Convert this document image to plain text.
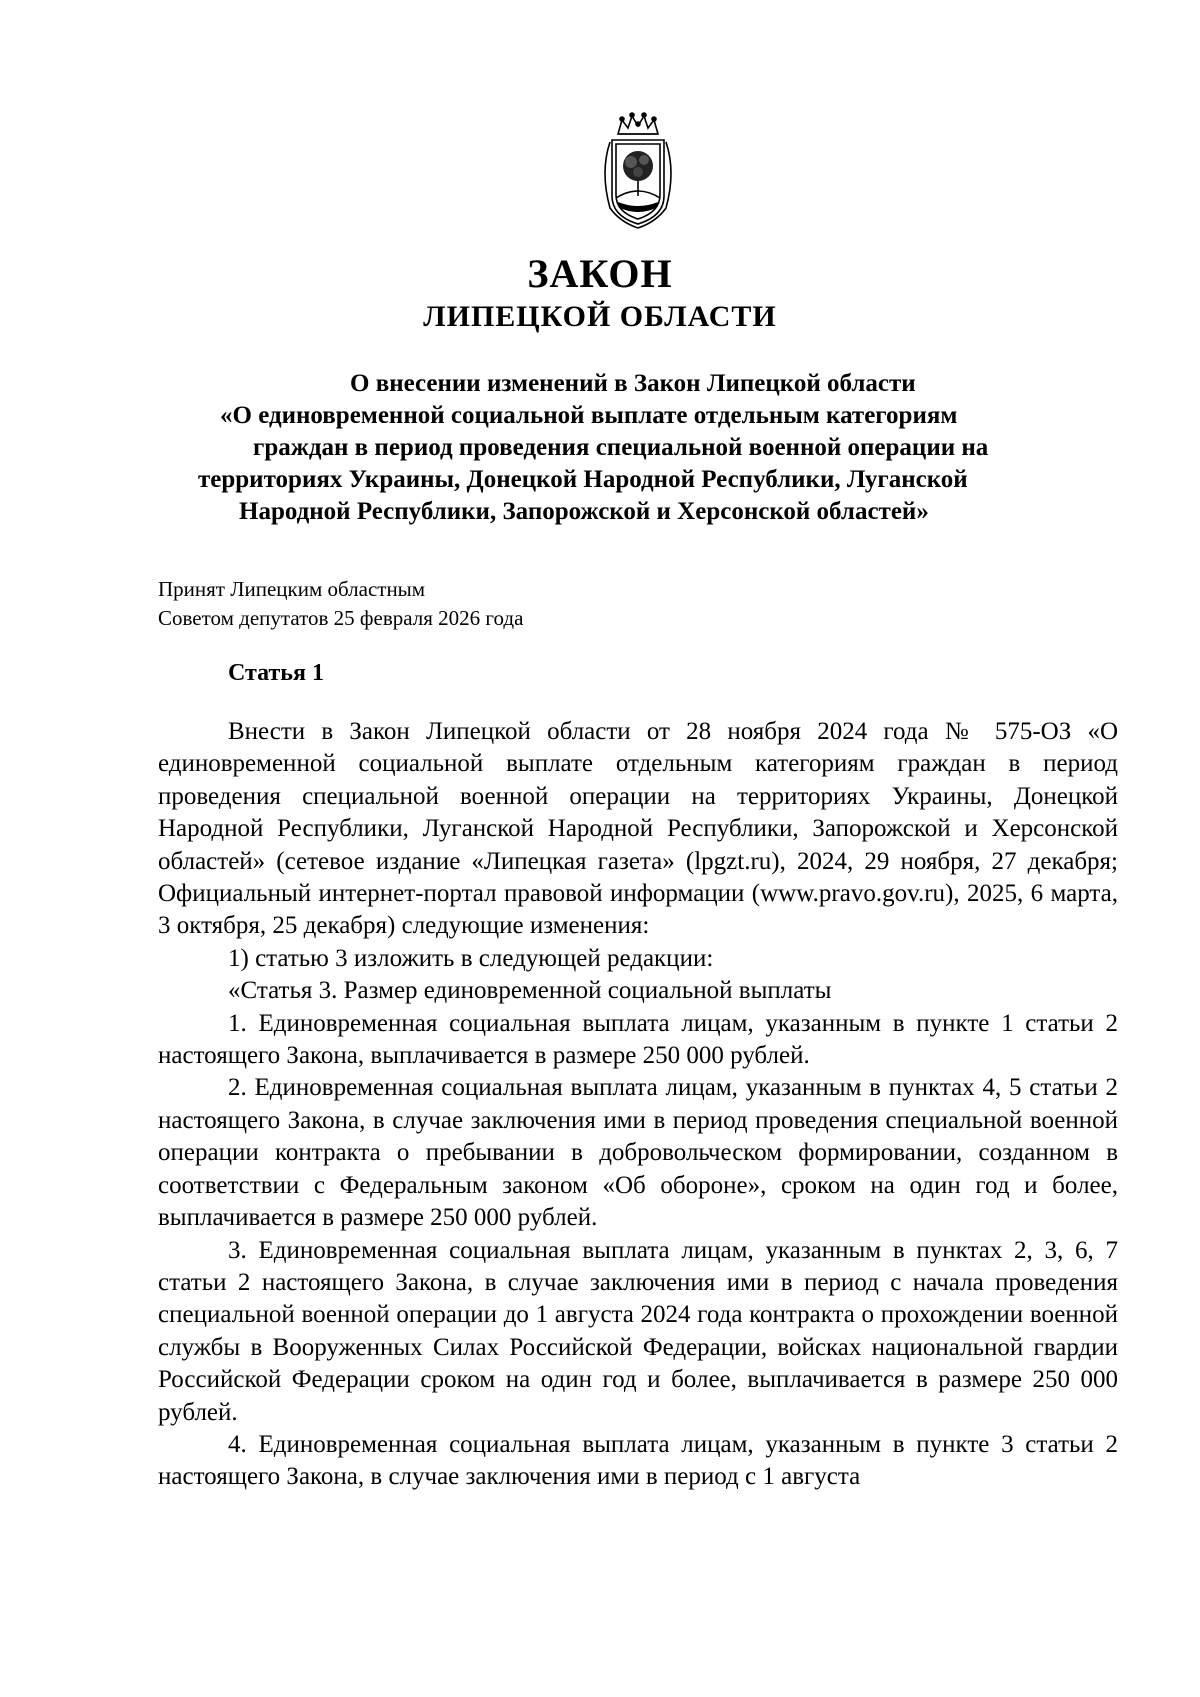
ЗАКОН
ЛИПЕЦКОЙ ОБЛАСТИ
О внесении изменений в Закон Липецкой области
«О единовременной социальной выплате отдельным категориям
граждан в период проведения специальной военной операции на
территориях Украины, Донецкой Народной Республики, Луганской
Народной Республики, Запорожской и Херсонской областей»
Принят Липецким областным
Советом депутатов 25 февраля 2026 года
Статья 1

Внести в Закон Липецкой области от 28 ноября 2024 года № 575-ОЗ «О единовременной социальной выплате отдельным категориям граждан в период проведения специальной военной операции на территориях Украины, Донецкой Народной Республики, Луганской Народной Республики, Запорожской и Херсонской областей» (сетевое издание «Липецкая газета» (lpgzt.ru), 2024, 29 ноября, 27 декабря; Официальный интернет-портал правовой информации (www.pravo.gov.ru), 2025, 6 марта, 3 октября, 25 декабря) следующие изменения:

1) статью 3 изложить в следующей редакции:

«Статья 3. Размер единовременной социальной выплаты

1. Единовременная социальная выплата лицам, указанным в пункте 1 статьи 2 настоящего Закона, выплачивается в размере 250 000 рублей.

2. Единовременная социальная выплата лицам, указанным в пунктах 4, 5 статьи 2 настоящего Закона, в случае заключения ими в период проведения специальной военной операции контракта о пребывании в добровольческом формировании, созданном в соответствии с Федеральным законом «Об обороне», сроком на один год и более, выплачивается в размере 250 000 рублей.

3. Единовременная социальная выплата лицам, указанным в пунктах 2, 3, 6, 7 статьи 2 настоящего Закона, в случае заключения ими в период с начала проведения специальной военной операции до 1 августа 2024 года контракта о прохождении военной службы в Вооруженных Силах Российской Федерации, войсках национальной гвардии Российской Федерации сроком на один год и более, выплачивается в размере 250 000 рублей.

4. Единовременная социальная выплата лицам, указанным в пункте 3 статьи 2 настоящего Закона, в случае заключения ими в период с 1 августа
